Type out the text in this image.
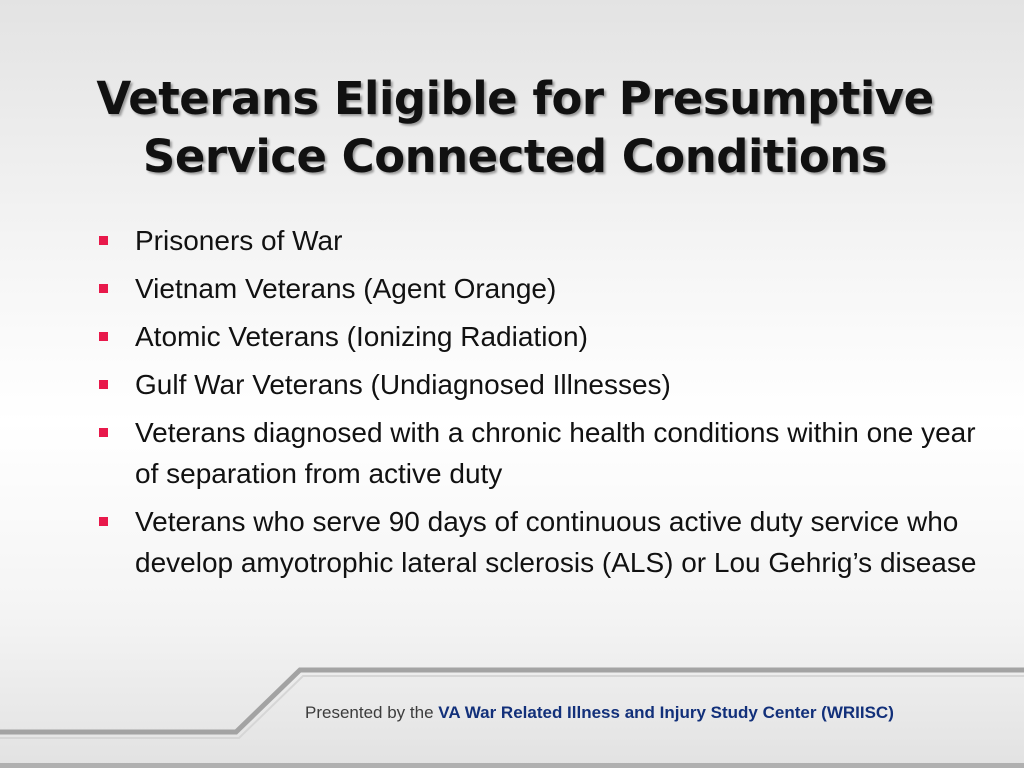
Veterans Eligible for Presumptive
Service Connected Conditions
Prisoners of War
Vietnam Veterans (Agent Orange)
Atomic Veterans (Ionizing Radiation)
Gulf War Veterans (Undiagnosed Illnesses)
Veterans diagnosed with a chronic health conditions within one year of separation from active duty
Veterans who serve 90 days of continuous active duty service who develop amyotrophic lateral sclerosis (ALS) or Lou Gehrig’s disease
Presented by the VA War Related Illness and Injury Study Center (WRIISC)
